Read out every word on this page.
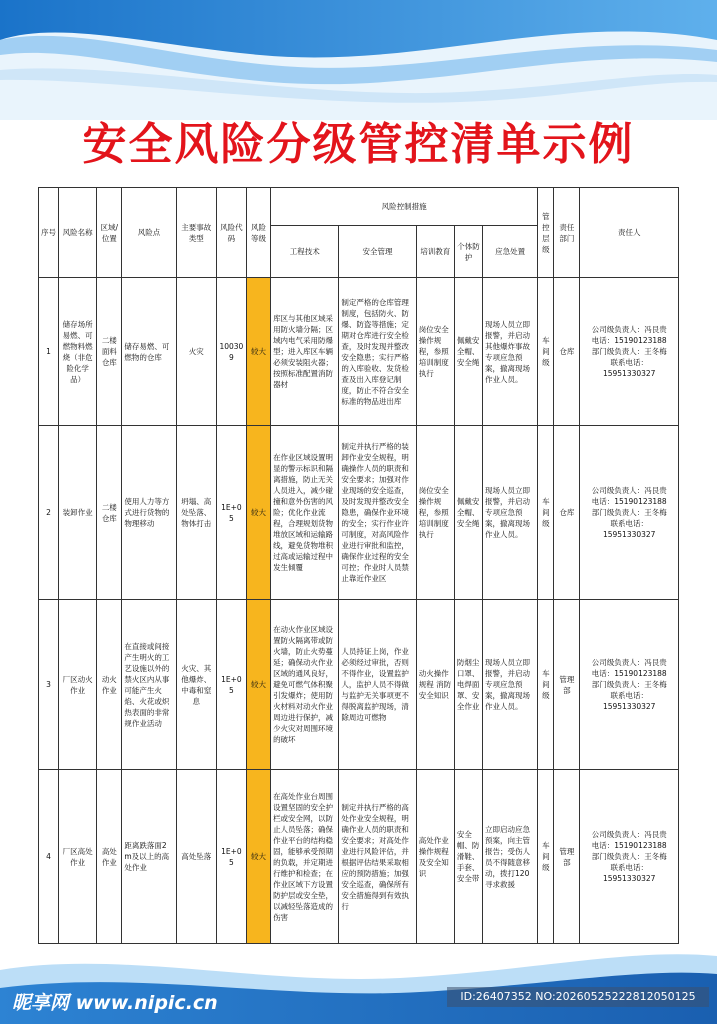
安全风险分级管控清单示例
序号	风险名称	区域/位置	风险点	主要事故类型	风险代码	风险等级	风险控制措施					管控层级	责任部门	责任人
							工程技术	安全管理	培训教育	个体防护	应急处置			
1	储存场所易燃、可燃物料燃烧（非危险化学品）	二楼面料仓库	储存易燃、可燃物的仓库	火灾	100309	较大	库区与其他区域采用防火墙分隔；区域内电气采用防爆型；进入库区车辆必须安装阻火器；按照标准配置消防器材	制定严格的仓库管理制度，包括防火、防爆、防盗等措施；定期对仓库进行安全检查，及时发现并整改安全隐患；实行严格的入库验收、发货检查及出入库登记制度，防止不符合安全标准的物品进出库	岗位安全操作规程，参照培训制度执行	佩戴安全帽、安全绳	现场人员立即报警，并启动其他爆炸事故专项应急预案，撤离现场作业人员。	车间级	仓库	公司级负责人：冯艮贵
电话：15190123188
部门级负责人：王冬梅
联系电话：
15951330327

2	装卸作业	二楼仓库	使用人力等方式进行货物的物理移动	坍塌、高处坠落、物体打击	1E+05	较大	在作业区域设置明显的警示标识和隔离措施，防止无关人员进入，减少碰撞和意外伤害的风险；优化作业流程，合理规划货物堆放区域和运输路线，避免货物堆积过高或运输过程中发生倾覆	制定并执行严格的装卸作业安全规程，明确操作人员的职责和安全要求；加强对作业现场的安全巡查，及时发现并整改安全隐患，确保作业环境的安全；实行作业许可制度，对高风险作业进行审批和监控，确保作业过程的安全可控；作业时人员禁止靠近作业区	岗位安全操作规程，参照培训制度执行	佩戴安全帽、安全绳	现场人员立即报警，并启动专项应急预案，撤离现场作业人员。	车间级	仓库	公司级负责人：冯艮贵
电话：15190123188
部门级负责人：王冬梅
联系电话：
15951330327

3	厂区动火作业	动火作业	在直接或间接产生明火的工艺设施以外的禁火区内从事可能产生火焰、火花或炽热表面的非常规作业活动	火灾、其他爆炸、中毒和窒息	1E+05	较大	在动火作业区域设置防火隔离带或防火墙，防止火势蔓延；确保动火作业区域的通风良好，避免可燃气体积聚引发爆炸；使用防火材料对动火作业周边进行保护，减少火灾对周围环境的破坏	人员持证上岗，作业必须经过审批，否则不得作业，设置监护人，监护人员不得做与监护无关事项更不得脱离监护现场，清除周边可燃物	动火操作规程 消防安全知识	防烟尘口罩、电焊面罩、安全作业	现场人员立即报警，并启动专项应急预案，撤离现场作业人员。	车间级	管理部	公司级负责人：冯艮贵
电话：15190123188
部门级负责人：王冬梅
联系电话：
15951330327

4	厂区高处作业	高处作业	距离跌落面2m及以上的高处作业	高处坠落	1E+05	较大	在高处作业台周围设置坚固的安全护栏或安全网，以防止人员坠落；确保作业平台的结构稳固，能够承受预期的负载，并定期进行维护和检查；在作业区域下方设置防护层或安全垫，以减轻坠落造成的伤害	制定并执行严格的高处作业安全规程，明确作业人员的职责和安全要求；对高处作业进行风险评估，并根据评估结果采取相应的预防措施；加强安全巡查，确保所有安全措施得到有效执行	高处作业操作规程及安全知识	安全帽、防滑鞋、手套、安全带	立即启动应急预案，向主管报告；受伤人员不得随意移动，拨打120寻求救援	车间级	管理部	公司级负责人：冯艮贵
电话：15190123188
部门级负责人：王冬梅
联系电话：
15951330327
昵享网 www.nipic.cn	ID:26407352 NO:20260525222812050125
